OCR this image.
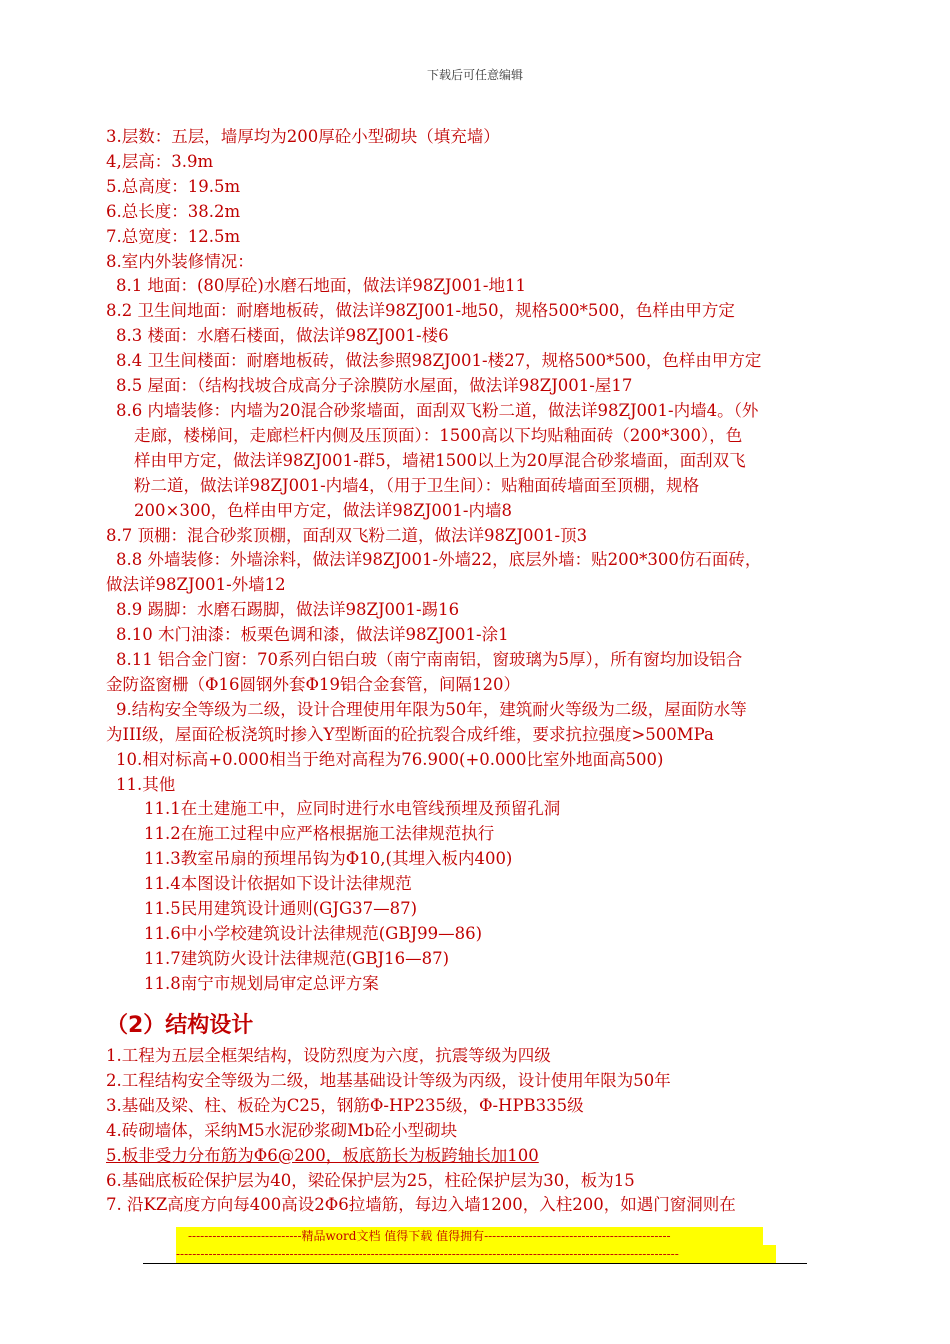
下载后可任意编辑
3.层数：五层，墙厚均为200厚砼小型砌块（填充墙）
4,层高：3.9m
5.总高度：19.5m
6.总长度：38.2m
7.总宽度：12.5m
8.室内外装修情况：
8.1 地面：(80厚砼)水磨石地面，做法详98ZJ001-地11
8.2 卫生间地面：耐磨地板砖，做法详98ZJ001-地50，规格500*500，色样由甲方定
8.3 楼面：水磨石楼面，做法详98ZJ001-楼6
8.4 卫生间楼面：耐磨地板砖，做法参照98ZJ001-楼27，规格500*500，色样由甲方定
8.5 屋面：（结构找坡合成高分子涂膜防水屋面，做法详98ZJ001-屋17
8.6 内墙装修：内墙为20混合砂浆墙面，面刮双飞粉二道，做法详98ZJ001-内墙4。（外
走廊，楼梯间，走廊栏杆内侧及压顶面）：1500高以下均贴釉面砖（200*300），色
样由甲方定，做法详98ZJ001-群5，墙裙1500以上为20厚混合砂浆墙面，面刮双飞
粉二道，做法详98ZJ001-内墙4，（用于卫生间）：贴釉面砖墙面至顶棚，规格
200×300，色样由甲方定，做法详98ZJ001-内墙8
8.7 顶棚：混合砂浆顶棚，面刮双飞粉二道，做法详98ZJ001-顶3
8.8 外墙装修：外墙涂料，做法详98ZJ001-外墙22，底层外墙：贴200*300仿石面砖，
做法详98ZJ001-外墙12
8.9 踢脚：水磨石踢脚，做法详98ZJ001-踢16
8.10 木门油漆：板栗色调和漆，做法详98ZJ001-涂1
8.11 铝合金门窗：70系列白铝白玻（南宁南南铝，窗玻璃为5厚），所有窗均加设铝合
金防盗窗栅（Φ16圆钢外套Φ19铝合金套管，间隔120）
9.结构安全等级为二级，设计合理使用年限为50年，建筑耐火等级为二级，屋面防水等
为III级，屋面砼板浇筑时掺入Y型断面的砼抗裂合成纤维，要求抗拉强度>500MPa
10.相对标高+0.000相当于绝对高程为76.900(+0.000比室外地面高500)
11.其他
11.1在土建施工中，应同时进行水电管线预埋及预留孔洞
11.2在施工过程中应严格根据施工法律规范执行
11.3教室吊扇的预埋吊钩为Φ10,(其埋入板内400)
11.4本图设计依据如下设计法律规范
11.5民用建筑设计通则(GJG37—87)
11.6中小学校建筑设计法律规范(GBJ99—86)
11.7建筑防火设计法律规范(GBJ16—87)
11.8南宁市规划局审定总评方案
（2）结构设计
1.工程为五层全框架结构，设防烈度为六度，抗震等级为四级
2.工程结构安全等级为二级，地基基础设计等级为丙级，设计使用年限为50年
3.基础及梁、柱、板砼为C25，钢筋Φ-HP235级，Φ-HPB335级
4.砖砌墙体，采纳M5水泥砂浆砌Mb砼小型砌块
5.板非受力分布筋为Φ6@200，板底筋长为板跨轴长加100
6.基础底板砼保护层为40，梁砼保护层为25，柱砼保护层为30，板为15
7. 沿KZ高度方向每400高设2Φ6拉墙筋，每边入墙1200，入柱200，如遇门窗洞则在
----------------------------精品word文档 值得下载 值得拥有----------------------------------------------
----------------------------------------------------------------------------------------------------------------------------
